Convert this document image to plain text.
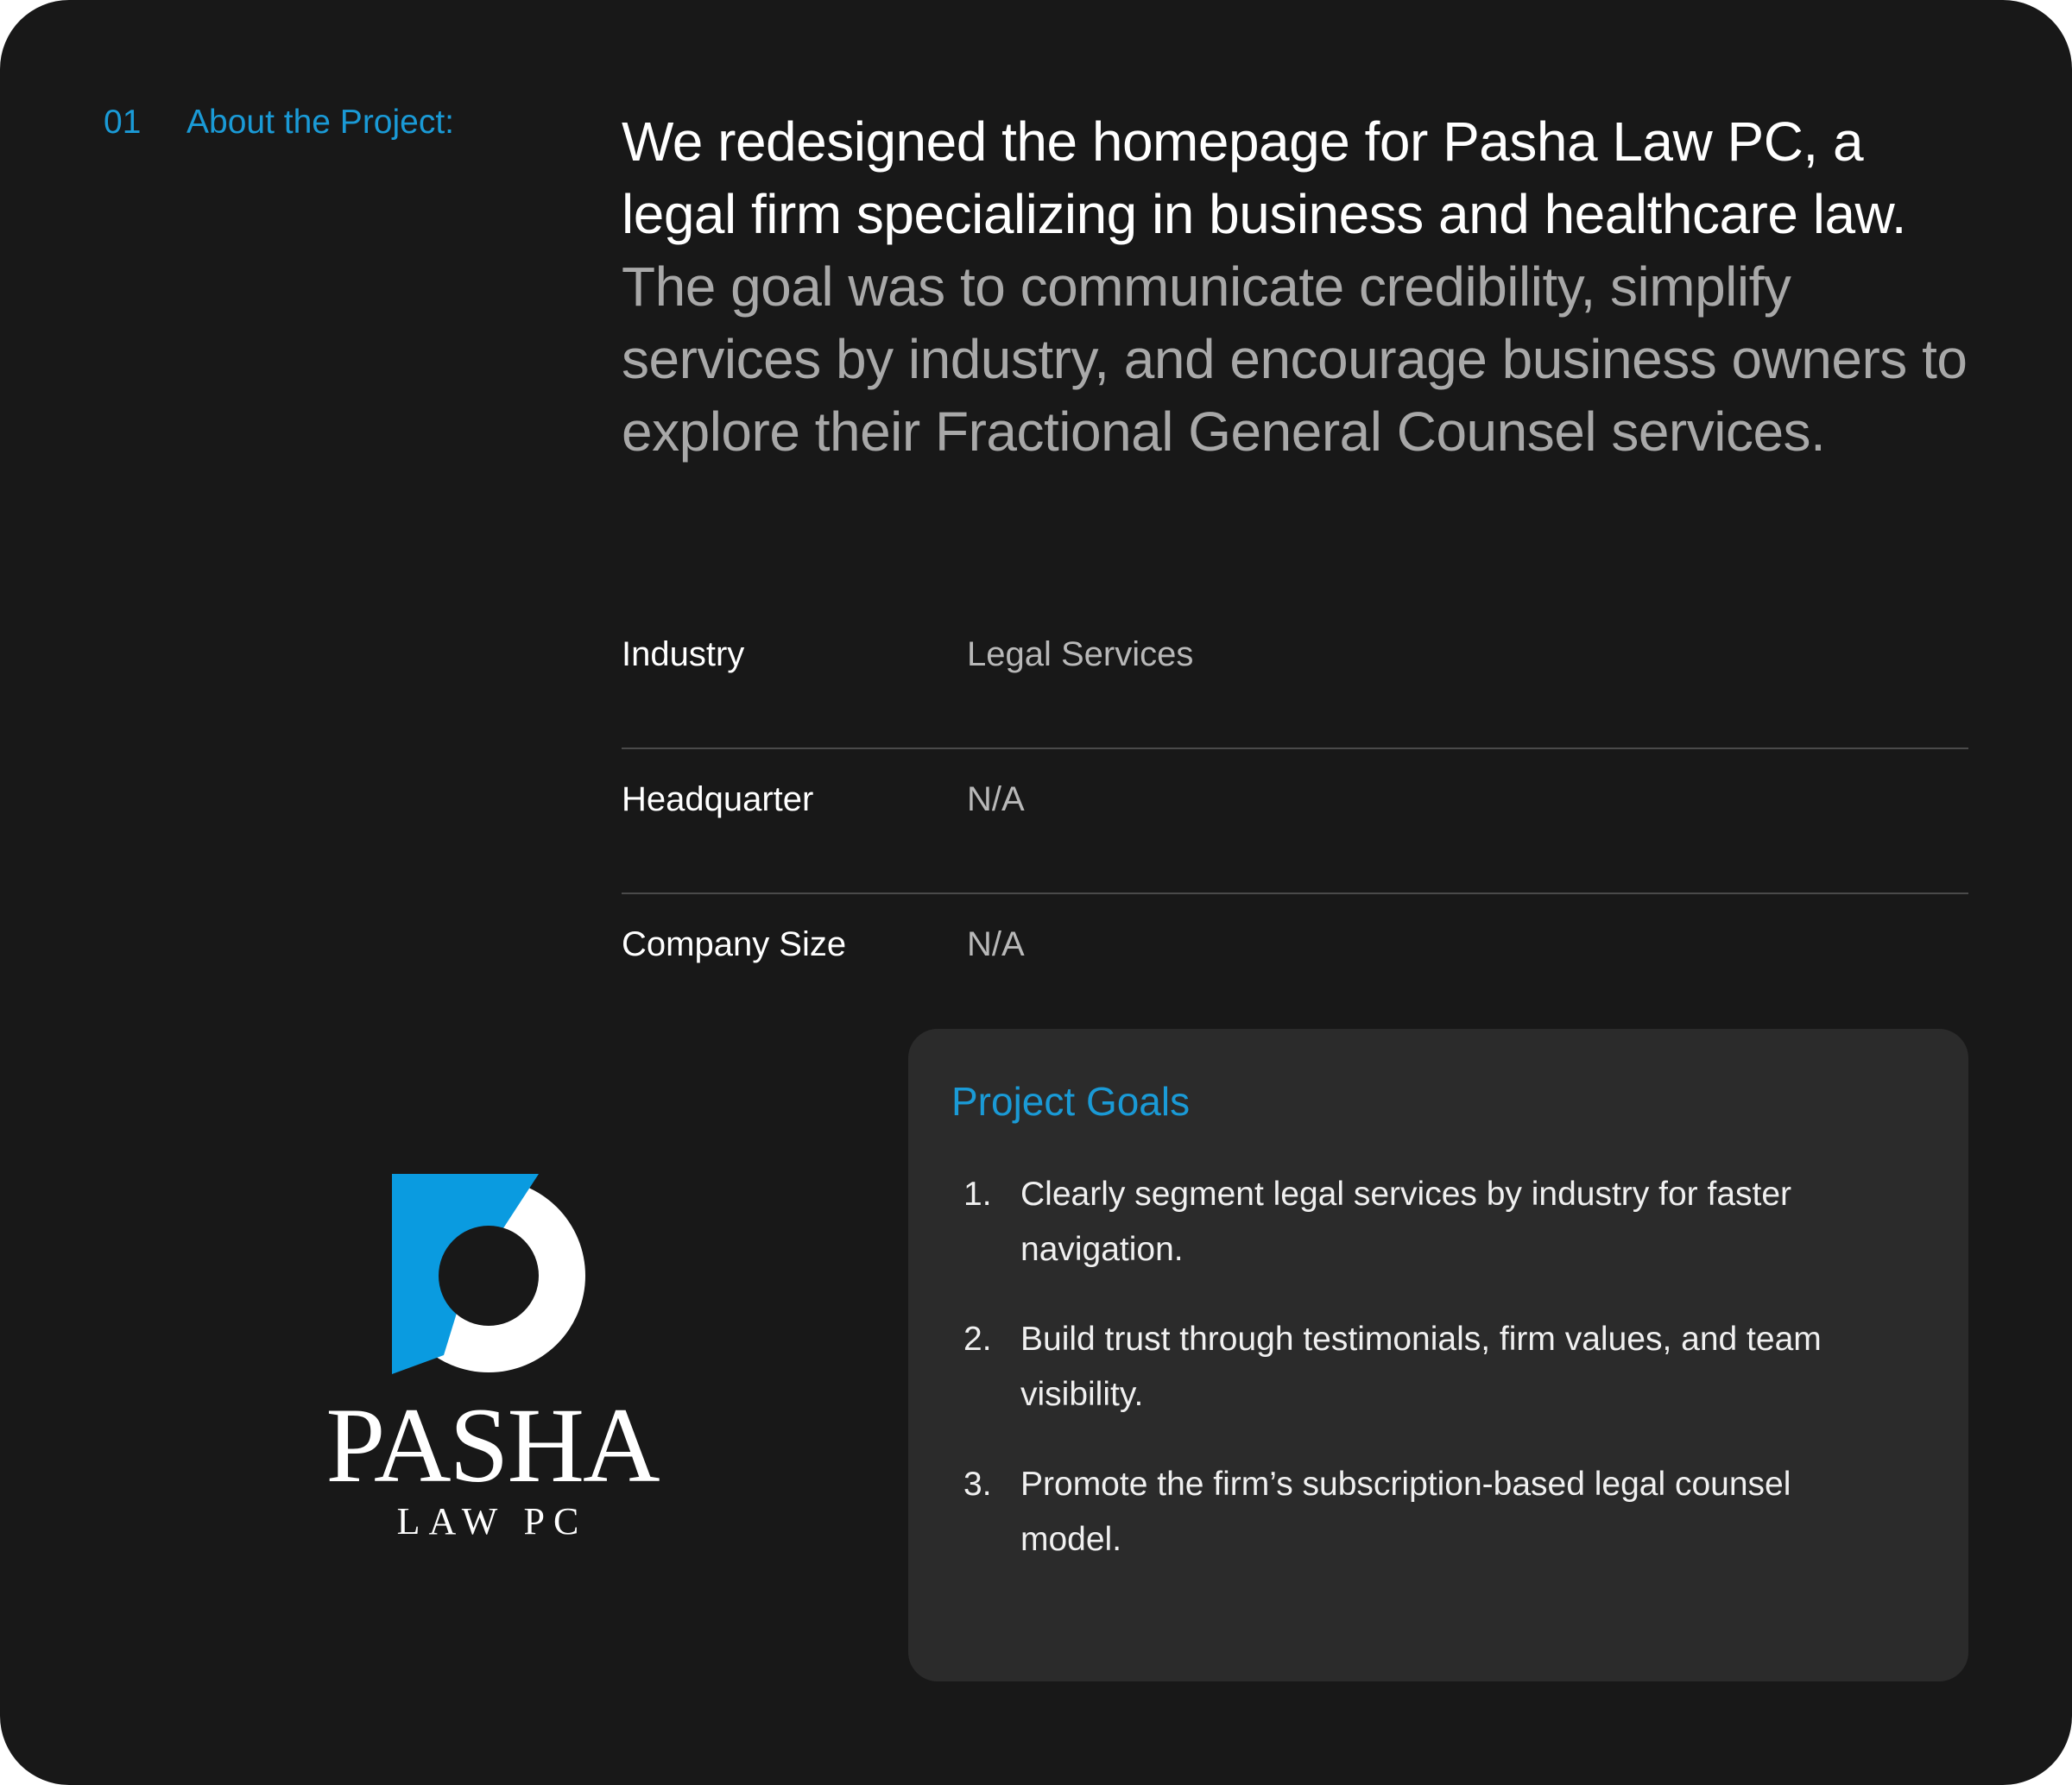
01	About the Project:	We redesigned the homepage for Pasha Law PC, a legal firm specializing in business and healthcare law. The goal was to communicate credibility, simplify services by industry, and encourage business owners to explore their Fractional General Counsel services.

Industry	Legal Services
Headquarter	N/A
Company Size	N/A
PASHA
LAW PC
Project Goals
1. Clearly segment legal services by industry for faster navigation.
2. Build trust through testimonials, firm values, and team visibility.
3. Promote the firm’s subscription-based legal counsel model.
